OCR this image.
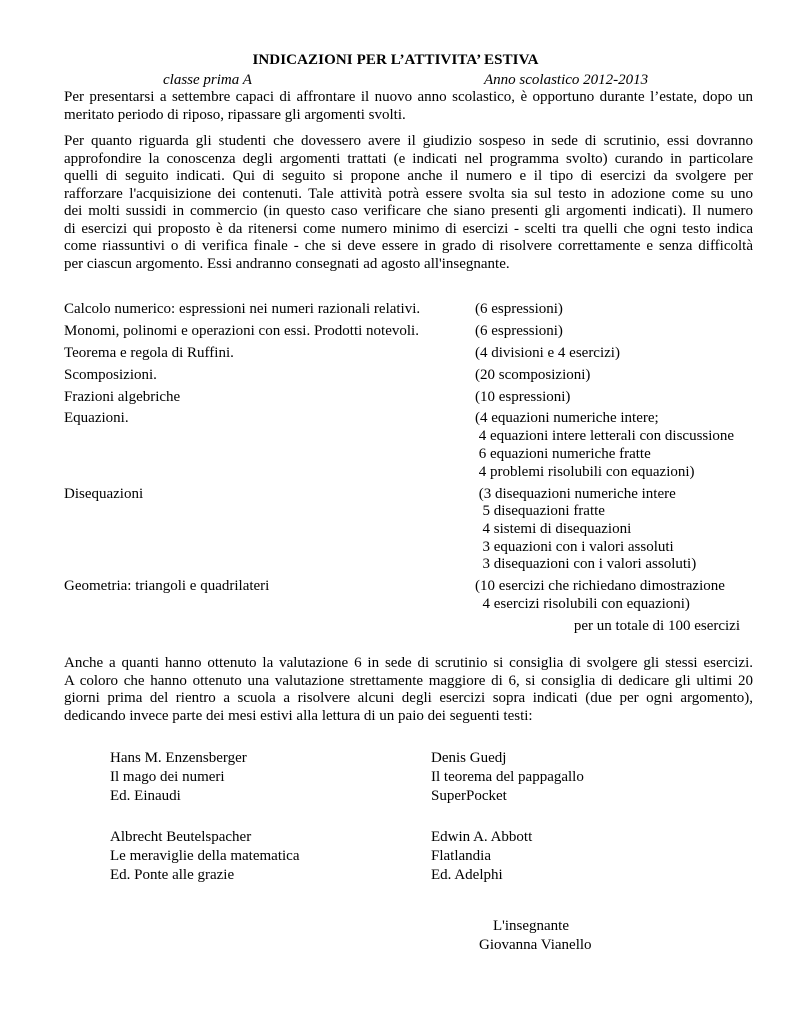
INDICAZIONI PER L’ATTIVITA’ ESTIVA
classe prima A	Anno scolastico 2012-2013
Per presentarsi a settembre capaci di affrontare il nuovo anno scolastico, è opportuno durante l’estate, dopo un
meritato periodo di riposo, ripassare gli argomenti svolti.
Per quanto riguarda gli studenti che dovessero avere il giudizio sospeso in sede di scrutinio, essi dovranno
approfondire la conoscenza degli argomenti trattati (e indicati nel programma svolto) curando in particolare
quelli di seguito indicati. Qui di seguito si propone anche il numero e il tipo di esercizi da svolgere per
rafforzare l'acquisizione dei contenuti. Tale attività potrà essere svolta sia sul testo in adozione come su uno
dei molti sussidi in commercio (in questo caso verificare che siano presenti gli argomenti indicati). Il numero
di esercizi qui proposto è da ritenersi come numero minimo di esercizi - scelti tra quelli che ogni testo indica
come riassuntivi o di verifica finale - che si deve essere in grado di risolvere correttamente e senza difficoltà
per ciascun argomento. Essi andranno consegnati ad agosto all'insegnante.
Calcolo numerico: espressioni nei numeri razionali relativi.	(6 espressioni)
Monomi, polinomi e operazioni con essi. Prodotti notevoli.	(6 espressioni)
Teorema e regola di Ruffini.	(4 divisioni e 4 esercizi)
Scomposizioni.	(20 scomposizioni)
Frazioni algebriche	(10 espressioni)
Equazioni.	(4 equazioni numeriche intere;
4 equazioni intere letterali con discussione
6 equazioni numeriche fratte
4 problemi risolubili con equazioni)
Disequazioni	(3 disequazioni numeriche intere
5 disequazioni fratte
4 sistemi di disequazioni
3 equazioni con i valori assoluti
3 disequazioni con i valori assoluti)
Geometria: triangoli e quadrilateri	(10 esercizi che richiedano dimostrazione
4 esercizi risolubili con equazioni)
per un totale di 100 esercizi
Anche a quanti hanno ottenuto la valutazione 6 in sede di scrutinio si consiglia di svolgere gli stessi esercizi.
A coloro che hanno ottenuto una valutazione strettamente maggiore di 6, si consiglia di dedicare gli ultimi 20
giorni prima del rientro a scuola a risolvere alcuni degli esercizi sopra indicati (due per ogni argomento),
dedicando invece parte dei mesi estivi alla lettura di un paio dei seguenti testi:
Hans M. Enzensberger
Il mago dei numeri
Ed. Einaudi
Denis Guedj
Il teorema del pappagallo
SuperPocket
Albrecht Beutelspacher
Le meraviglie della matematica
Ed. Ponte alle grazie
Edwin A. Abbott
Flatlandia
Ed. Adelphi
L'insegnante
Giovanna Vianello
